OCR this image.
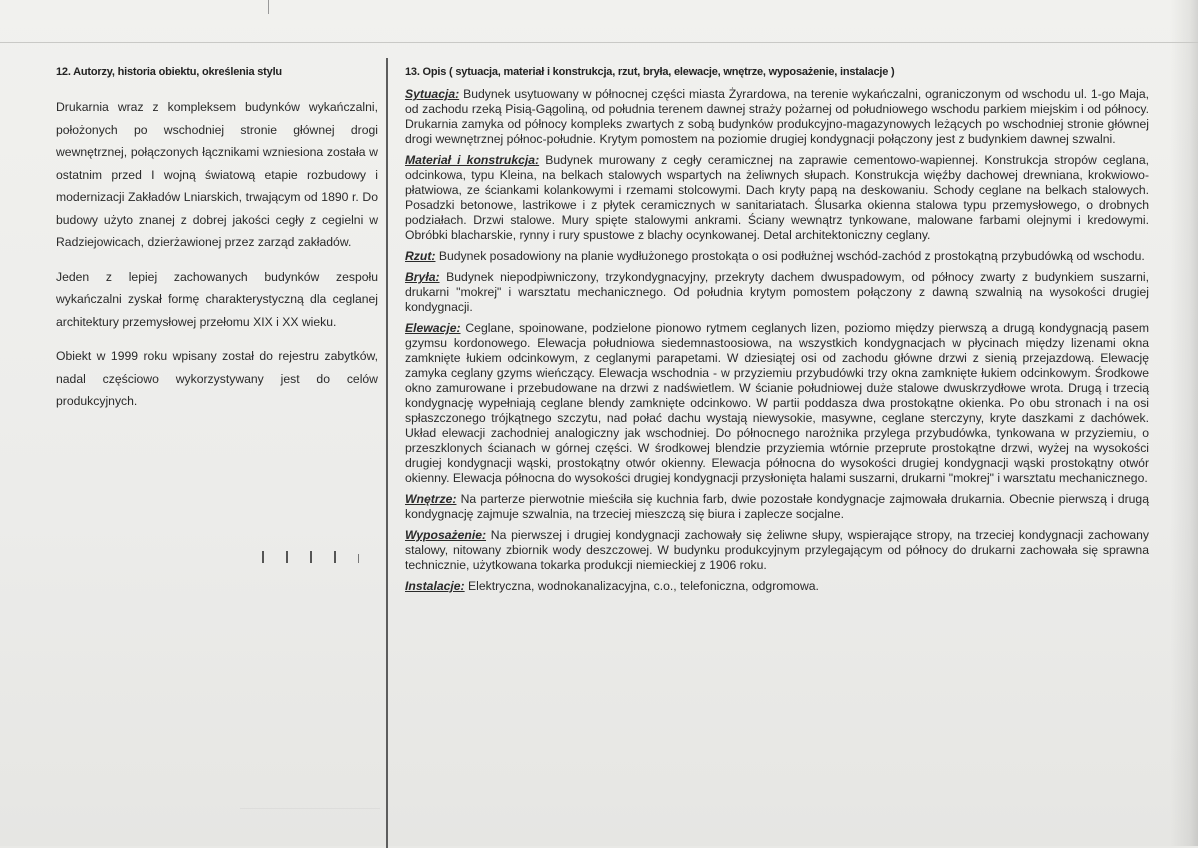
12. Autorzy, historia obiektu, określenia stylu

Drukarnia wraz z kompleksem budynków wykańczalni, położonych po wschodniej stronie głównej drogi wewnętrznej, połączonych łącznikami wzniesiona została w ostatnim przed I wojną światową etapie rozbudowy i modernizacji Zakładów Lniarskich, trwającym od 1890 r. Do budowy użyto znanej z dobrej jakości cegły z cegielni w Radziejowicach, dzierżawionej przez zarząd zakładów.

Jeden z lepiej zachowanych budynków zespołu wykańczalni zyskał formę charakterystyczną dla ceglanej architektury przemysłowej przełomu XIX i XX wieku.

Obiekt w 1999 roku wpisany został do rejestru zabytków, nadal częściowo wykorzystywany jest do celów produkcyjnych.

13. Opis ( sytuacja, materiał i konstrukcja, rzut, bryła, elewacje, wnętrze, wyposażenie, instalacje )

Sytuacja: Budynek usytuowany w północnej części miasta Żyrardowa, na terenie wykańczalni, ograniczonym od wschodu ul. 1-go Maja, od zachodu rzeką Pisią-Gągoliną, od południa terenem dawnej straży pożarnej od południowego wschodu parkiem miejskim i od północy. Drukarnia zamyka od północy kompleks zwartych z sobą budynków produkcyjno-magazynowych leżących po wschodniej stronie głównej drogi wewnętrznej północ-południe. Krytym pomostem na poziomie drugiej kondygnacji połączony jest z budynkiem dawnej szwalni.

Materiał i konstrukcja: Budynek murowany z cegły ceramicznej na zaprawie cementowo-wapiennej. Konstrukcja stropów ceglana, odcinkowa, typu Kleina, na belkach stalowych wspartych na żeliwnych słupach. Konstrukcja więźby dachowej drewniana, krokwiowo-płatwiowa, ze ściankami kolankowymi i rzemami stolcowymi. Dach kryty papą na deskowaniu. Schody ceglane na belkach stalowych. Posadzki betonowe, lastrikowe i z płytek ceramicznych w sanitariatach. Ślusarka okienna stalowa typu przemysłowego, o drobnych podziałach. Drzwi stalowe. Mury spięte stalowymi ankrami. Ściany wewnątrz tynkowane, malowane farbami olejnymi i kredowymi. Obróbki blacharskie, rynny i rury spustowe z blachy ocynkowanej. Detal architektoniczny ceglany.

Rzut: Budynek posadowiony na planie wydłużonego prostokąta o osi podłużnej wschód-zachód z prostokątną przybudówką od wschodu.

Bryła: Budynek niepodpiwniczony, trzykondygnacyjny, przekryty dachem dwuspadowym, od północy zwarty z budynkiem suszarni, drukarni "mokrej" i warsztatu mechanicznego. Od południa krytym pomostem połączony z dawną szwalnią na wysokości drugiej kondygnacji.

Elewacje: Ceglane, spoinowane, podzielone pionowo rytmem ceglanych lizen, poziomo między pierwszą a drugą kondygnacją pasem gzymsu kordonowego. Elewacja południowa siedemnastoosiowa, na wszystkich kondygnacjach w płycinach między lizenami okna zamknięte łukiem odcinkowym, z ceglanymi parapetami. W dziesiątej osi od zachodu główne drzwi z sienią przejazdową. Elewację zamyka ceglany gzyms wieńczący. Elewacja wschodnia - w przyziemiu przybudówki trzy okna zamknięte łukiem odcinkowym. Środkowe okno zamurowane i przebudowane na drzwi z nadświetlem. W ścianie południowej duże stalowe dwuskrzydłowe wrota. Drugą i trzecią kondygnację wypełniają ceglane blendy zamknięte odcinkowo. W partii poddasza dwa prostokątne okienka. Po obu stronach i na osi spłaszczonego trójkątnego szczytu, nad połać dachu wystają niewysokie, masywne, ceglane sterczyny, kryte daszkami z dachówek. Układ elewacji zachodniej analogiczny jak wschodniej. Do północnego narożnika przylega przybudówka, tynkowana w przyziemiu, o przeszklonych ścianach w górnej części. W środkowej blendzie przyziemia wtórnie przeprute prostokątne drzwi, wyżej na wysokości drugiej kondygnacji wąski, prostokątny otwór okienny. Elewacja północna do wysokości drugiej kondygnacji wąski prostokątny otwór okienny. Elewacja północna do wysokości drugiej kondygnacji przysłonięta halami suszarni, drukarni "mokrej" i warsztatu mechanicznego.

Wnętrze: Na parterze pierwotnie mieściła się kuchnia farb, dwie pozostałe kondygnacje zajmowała drukarnia. Obecnie pierwszą i drugą kondygnację zajmuje szwalnia, na trzeciej mieszczą się biura i zaplecze socjalne.

Wyposażenie: Na pierwszej i drugiej kondygnacji zachowały się żeliwne słupy, wspierające stropy, na trzeciej kondygnacji zachowany stalowy, nitowany zbiornik wody deszczowej. W budynku produkcyjnym przylegającym od północy do drukarni zachowała się sprawna technicznie, użytkowana tokarka produkcji niemieckiej z 1906 roku.

Instalacje: Elektryczna, wodnokanalizacyjna, c.o., telefoniczna, odgromowa.
